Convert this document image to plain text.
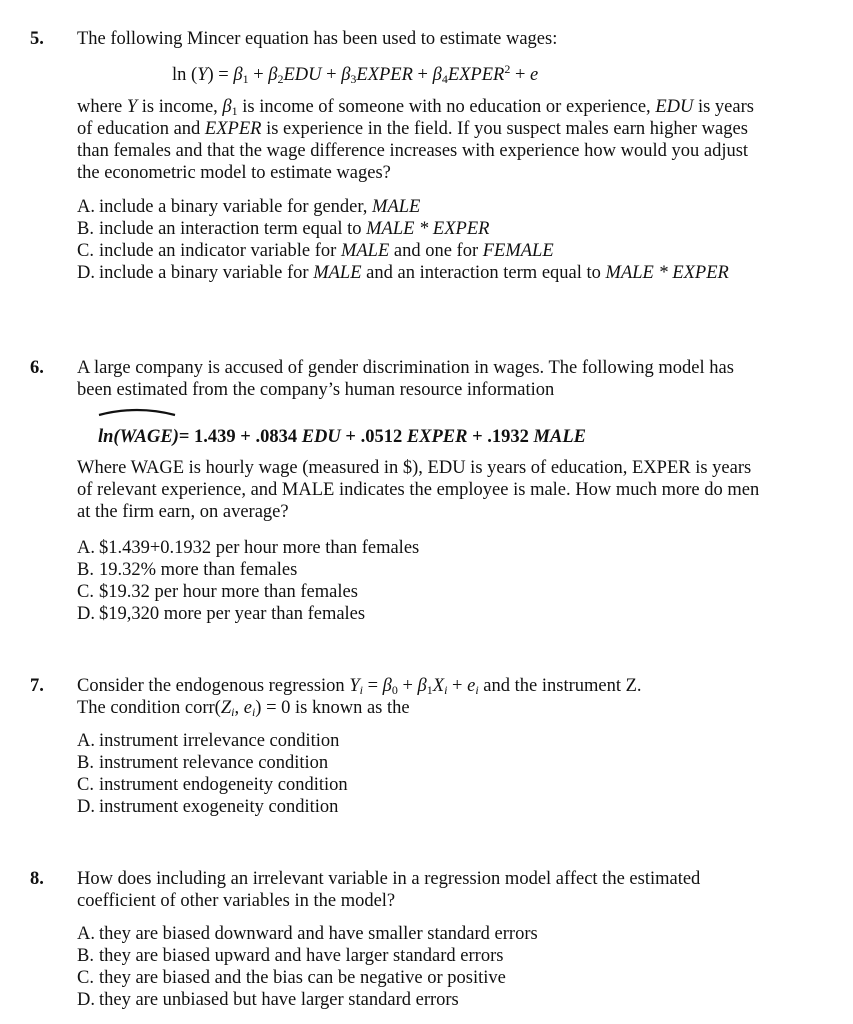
5. The following Mincer equation has been used to estimate wages:
$\ln (Y) = \beta_1 + \beta_2EDU$ + $\beta_3EXPER$ + $\beta_4EXPER^2 + e$
where Y is income, $\beta_1$ is income of someone with no education or experience, EDU is years of education and EXPER is experience in the field. If you suspect males earn higher wages than females and that the wage difference increases with experience how would you adjust the econometric model to estimate wages?
A. include a binary variable for gender, MALE
B. include an interaction term equal to MALE * EXPER
C. include an indicator variable for MALE and one for FEMALE
D. include a binary variable for MALE and an interaction term equal to MALE * EXPER
6. A large company is accused of gender discrimination in wages. The following model has been estimated from the company’s human resource information
ln(WAGE)= 1.439 + .0834 EDU + .0512 EXPER + .1932 MALE
Where WAGE is hourly wage (measured in $), EDU is years of education, EXPER is years of relevant experience, and MALE indicates the employee is male. How much more do men at the firm earn, on average?
A. $1.439+0.1932 per hour more than females
B. 19.32% more than females
C. $19.32 per hour more than females
D. $19,320 more per year than females
7. Consider the endogenous regression $Y_i = \beta_0 + \beta_1X_i + e_i$ and the instrument Z.
The condition $corr(Z_i$, $e_i) = 0$ is known as the
A. instrument irrelevance condition
B. instrument relevance condition
C. instrument endogeneity condition
D. instrument exogeneity condition
8. How does including an irrelevant variable in a regression model affect the estimated coefficient of other variables in the model?
A. they are biased downward and have smaller standard errors
B. they are biased upward and have larger standard errors
C. they are biased and the bias can be negative or positive
D. they are unbiased but have larger standard errors
